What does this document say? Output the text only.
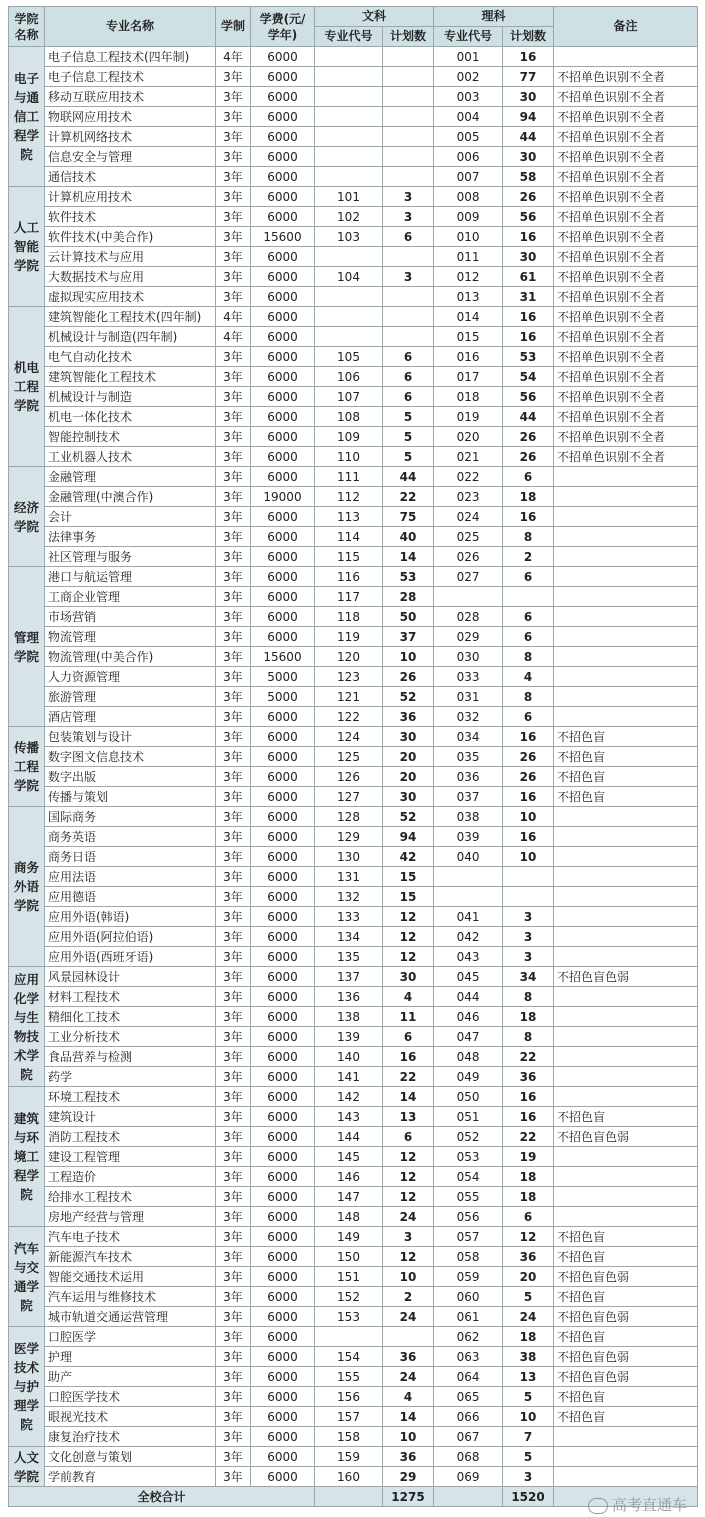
学院名称	专业名称	学制	学费(元/学年)	文科		理科		备注
				专业代号	计划数	专业代号	计划数	
电子与通信工程学院	电子信息工程技术(四年制)	4年	6000			001	16	
	电子信息工程技术	3年	6000			002	77	不招单色识别不全者
	移动互联应用技术	3年	6000			003	30	不招单色识别不全者
	物联网应用技术	3年	6000			004	94	不招单色识别不全者
	计算机网络技术	3年	6000			005	44	不招单色识别不全者
	信息安全与管理	3年	6000			006	30	不招单色识别不全者
	通信技术	3年	6000			007	58	不招单色识别不全者
人工智能学院	计算机应用技术	3年	6000	101	3	008	26	不招单色识别不全者
	软件技术	3年	6000	102	3	009	56	不招单色识别不全者
	软件技术(中美合作)	3年	15600	103	6	010	16	不招单色识别不全者
	云计算技术与应用	3年	6000			011	30	不招单色识别不全者
	大数据技术与应用	3年	6000	104	3	012	61	不招单色识别不全者
	虚拟现实应用技术	3年	6000			013	31	不招单色识别不全者
机电工程学院	建筑智能化工程技术(四年制)	4年	6000			014	16	不招单色识别不全者
	机械设计与制造(四年制)	4年	6000			015	16	不招单色识别不全者
	电气自动化技术	3年	6000	105	6	016	53	不招单色识别不全者
	建筑智能化工程技术	3年	6000	106	6	017	54	不招单色识别不全者
	机械设计与制造	3年	6000	107	6	018	56	不招单色识别不全者
	机电一体化技术	3年	6000	108	5	019	44	不招单色识别不全者
	智能控制技术	3年	6000	109	5	020	26	不招单色识别不全者
	工业机器人技术	3年	6000	110	5	021	26	不招单色识别不全者
经济学院	金融管理	3年	6000	111	44	022	6	
	金融管理(中澳合作)	3年	19000	112	22	023	18	
	会计	3年	6000	113	75	024	16	
	法律事务	3年	6000	114	40	025	8	
	社区管理与服务	3年	6000	115	14	026	2	
管理学院	港口与航运管理	3年	6000	116	53	027	6	
	工商企业管理	3年	6000	117	28			
	市场营销	3年	6000	118	50	028	6	
	物流管理	3年	6000	119	37	029	6	
	物流管理(中美合作)	3年	15600	120	10	030	8	
	人力资源管理	3年	5000	123	26	033	4	
	旅游管理	3年	5000	121	52	031	8	
	酒店管理	3年	6000	122	36	032	6	
传播工程学院	包装策划与设计	3年	6000	124	30	034	16	不招色盲
	数字图文信息技术	3年	6000	125	20	035	26	不招色盲
	数字出版	3年	6000	126	20	036	26	不招色盲
	传播与策划	3年	6000	127	30	037	16	不招色盲
商务外语学院	国际商务	3年	6000	128	52	038	10	
	商务英语	3年	6000	129	94	039	16	
	商务日语	3年	6000	130	42	040	10	
	应用法语	3年	6000	131	15			
	应用德语	3年	6000	132	15			
	应用外语(韩语)	3年	6000	133	12	041	3	
	应用外语(阿拉伯语)	3年	6000	134	12	042	3	
	应用外语(西班牙语)	3年	6000	135	12	043	3	
应用化学与生物技术学院	风景园林设计	3年	6000	137	30	045	34	不招色盲色弱
	材料工程技术	3年	6000	136	4	044	8	
	精细化工技术	3年	6000	138	11	046	18	
	工业分析技术	3年	6000	139	6	047	8	
	食品营养与检测	3年	6000	140	16	048	22	
	药学	3年	6000	141	22	049	36	
建筑与环境工程学院	环境工程技术	3年	6000	142	14	050	16	
	建筑设计	3年	6000	143	13	051	16	不招色盲
	消防工程技术	3年	6000	144	6	052	22	不招色盲色弱
	建设工程管理	3年	6000	145	12	053	19	
	工程造价	3年	6000	146	12	054	18	
	给排水工程技术	3年	6000	147	12	055	18	
	房地产经营与管理	3年	6000	148	24	056	6	
汽车与交通学院	汽车电子技术	3年	6000	149	3	057	12	不招色盲
	新能源汽车技术	3年	6000	150	12	058	36	不招色盲
	智能交通技术运用	3年	6000	151	10	059	20	不招色盲色弱
	汽车运用与维修技术	3年	6000	152	2	060	5	不招色盲
	城市轨道交通运营管理	3年	6000	153	24	061	24	不招色盲色弱
医学技术与护理学院	口腔医学	3年	6000			062	18	不招色盲
	护理	3年	6000	154	36	063	38	不招色盲色弱
	助产	3年	6000	155	24	064	13	不招色盲色弱
	口腔医学技术	3年	6000	156	4	065	5	不招色盲
	眼视光技术	3年	6000	157	14	066	10	不招色盲
	康复治疗技术	3年	6000	158	10	067	7	
人文学院	文化创意与策划	3年	6000	159	36	068	5	
	学前教育	3年	6000	160	29	069	3	
全校合计					1275		1520		高考直通车
